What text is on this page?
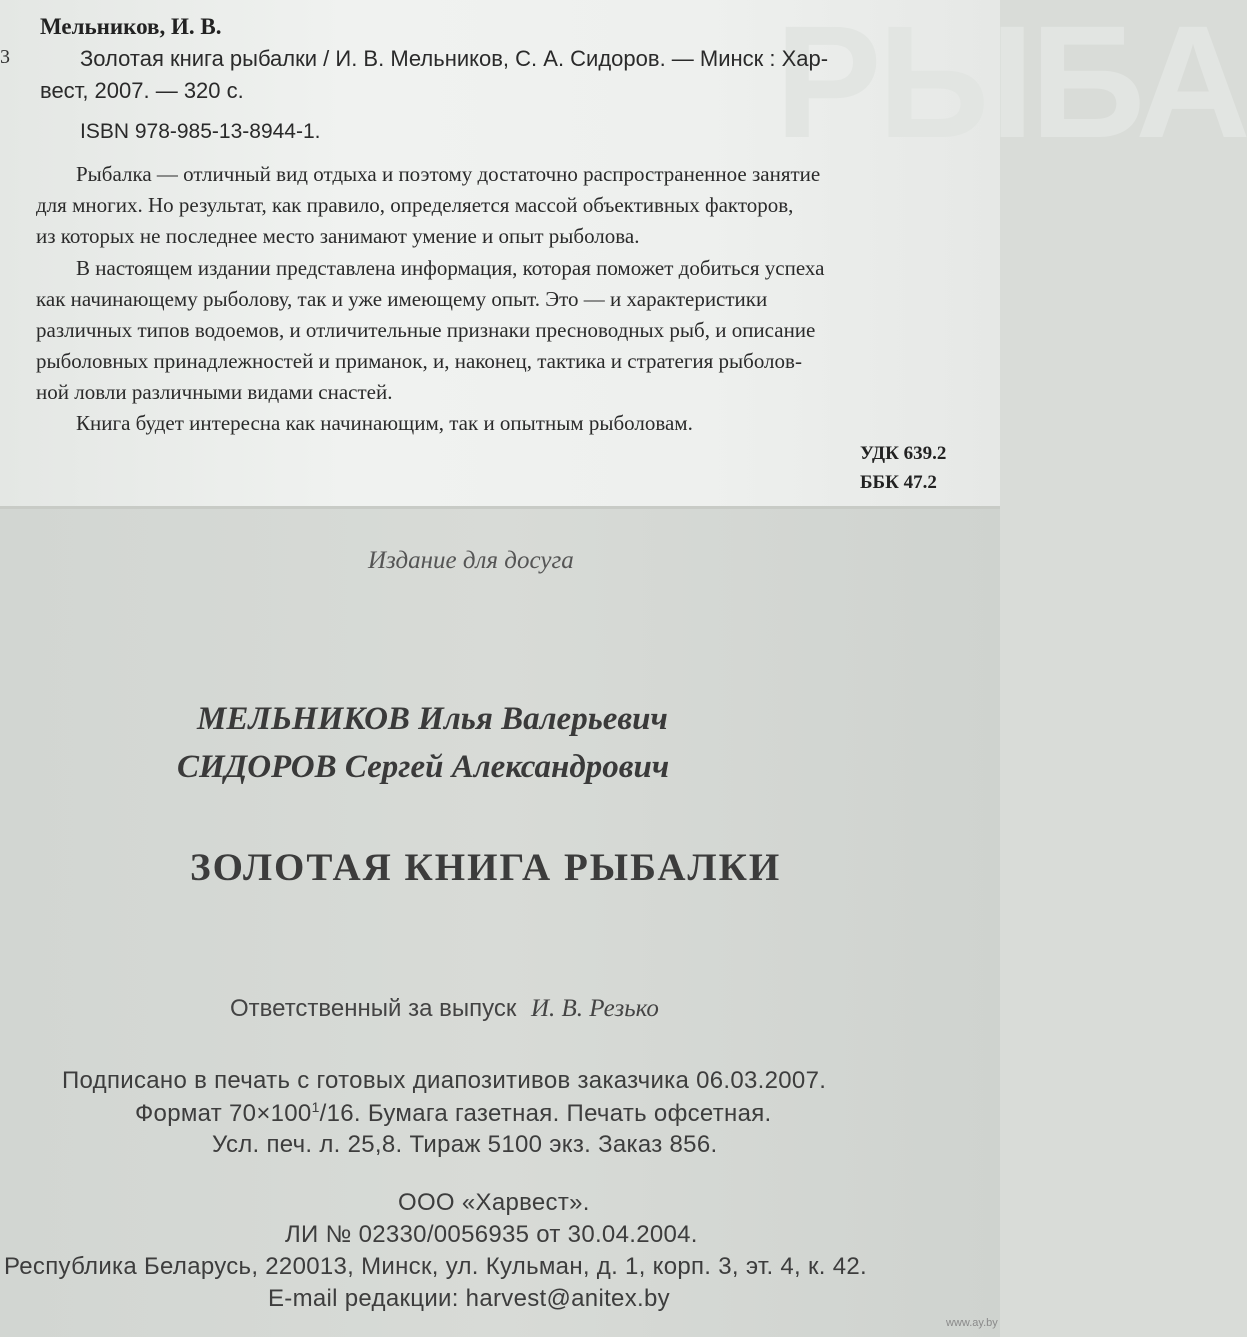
РЫБА
Мельников, И. В.
3	Золотая книга рыбалки / И. В. Мельников, С. А. Сидоров. — Минск : Хар-
вест, 2007. — 320 с.
ISBN 978-985-13-8944-1.
Рыбалка — отличный вид отдыха и поэтому достаточно распространенное занятие
для многих. Но результат, как правило, определяется массой объективных факторов,
из которых не последнее место занимают умение и опыт рыболова.
В настоящем издании представлена информация, которая поможет добиться успеха
как начинающему рыболову, так и уже имеющему опыт. Это — и характеристики
различных типов водоемов, и отличительные признаки пресноводных рыб, и описание
рыболовных принадлежностей и приманок, и, наконец, тактика и стратегия рыболов-
ной ловли различными видами снастей.
Книга будет интересна как начинающим, так и опытным рыболовам.
УДК 639.2
ББК 47.2
Издание для досуга
МЕЛЬНИКОВ Илья Валерьевич
СИДОРОВ Сергей Александрович
ЗОЛОТАЯ КНИГА РЫБАЛКИ
Ответственный за выпуск И. В. Резько
Подписано в печать с готовых диапозитивов заказчика 06.03.2007.
Формат $70\times 100^1/16$. Бумага газетная. Печать офсетная.
Усл. печ. л. 25,8. Тираж 5100 экз. Заказ 856.
ООО «Харвест».
ЛИ № 02330/0056935 от 30.04.2004.
Республика Беларусь, 220013, Минск, ул. Кульман, д. 1, корп. 3, эт. 4, к. 42.
E-mail редакции: harvest@anitex.by
www.ay.by
